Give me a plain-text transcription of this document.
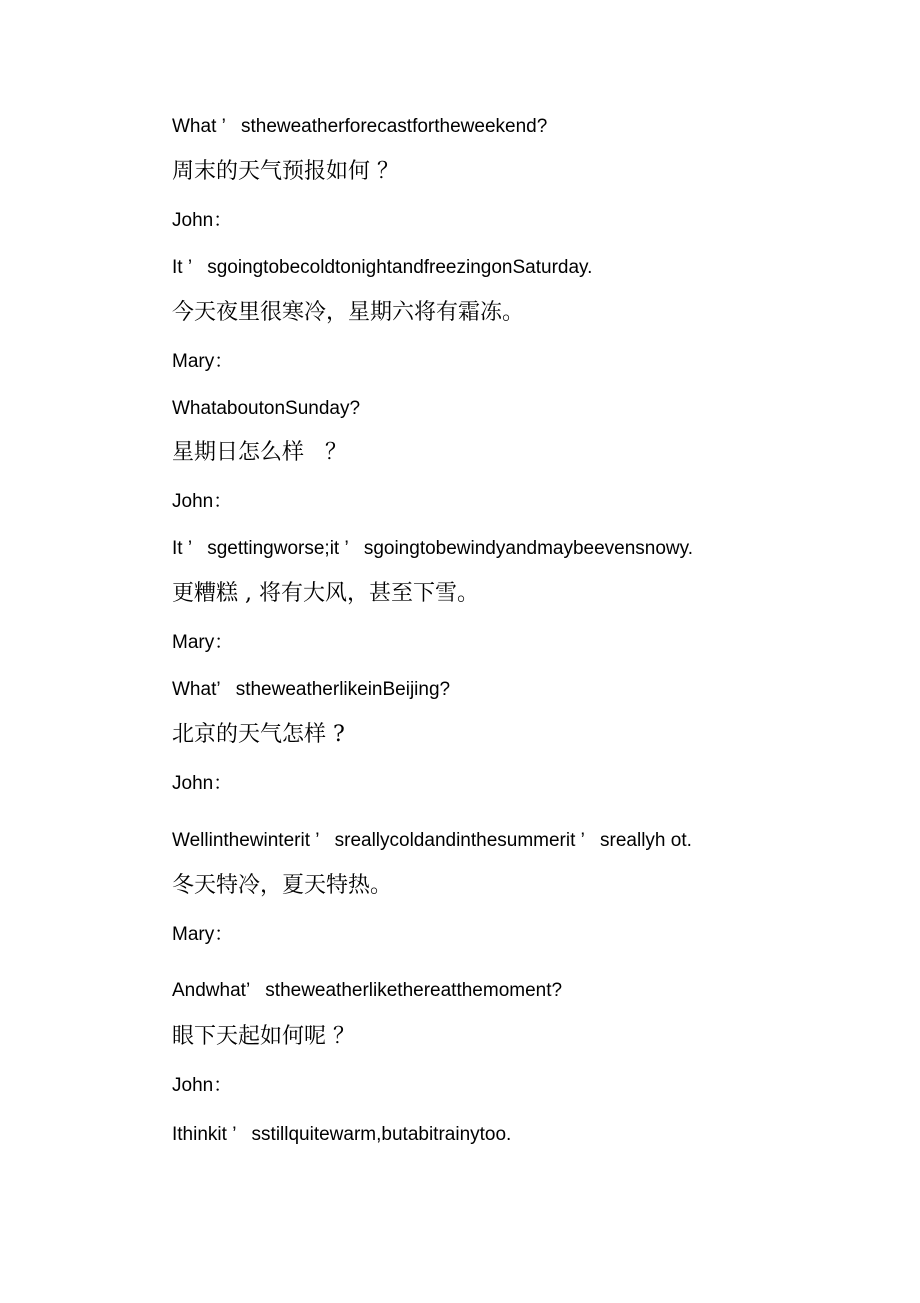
What ’   stheweatherforecastfortheweekend?
周末的天气预报如何 ？
John：
It ’   sgoingtobecoldtonightandfreezingonSaturday.
今天夜里很寒冷，星期六将有霜冻。
Mary：
WhataboutonSunday?
星期日怎么样   ？
John：
It ’   sgettingworse;it ’   sgoingtobewindyandmaybeevensnowy.
更糟糕 , 将有大风，甚至下雪。
Mary：
What’   stheweatherlikeinBeijing?
北京的天气怎样 ?
John：
Wellinthewinterit ’   sreallycoldandinthesummerit ’   sreallyh ot.
冬天特冷，夏天特热。
Mary：
Andwhat’   stheweatherlikethereatthemoment?
眼下天起如何呢 ？
John：
Ithinkit ’   sstillquitewarm,butabitrainytoo.
